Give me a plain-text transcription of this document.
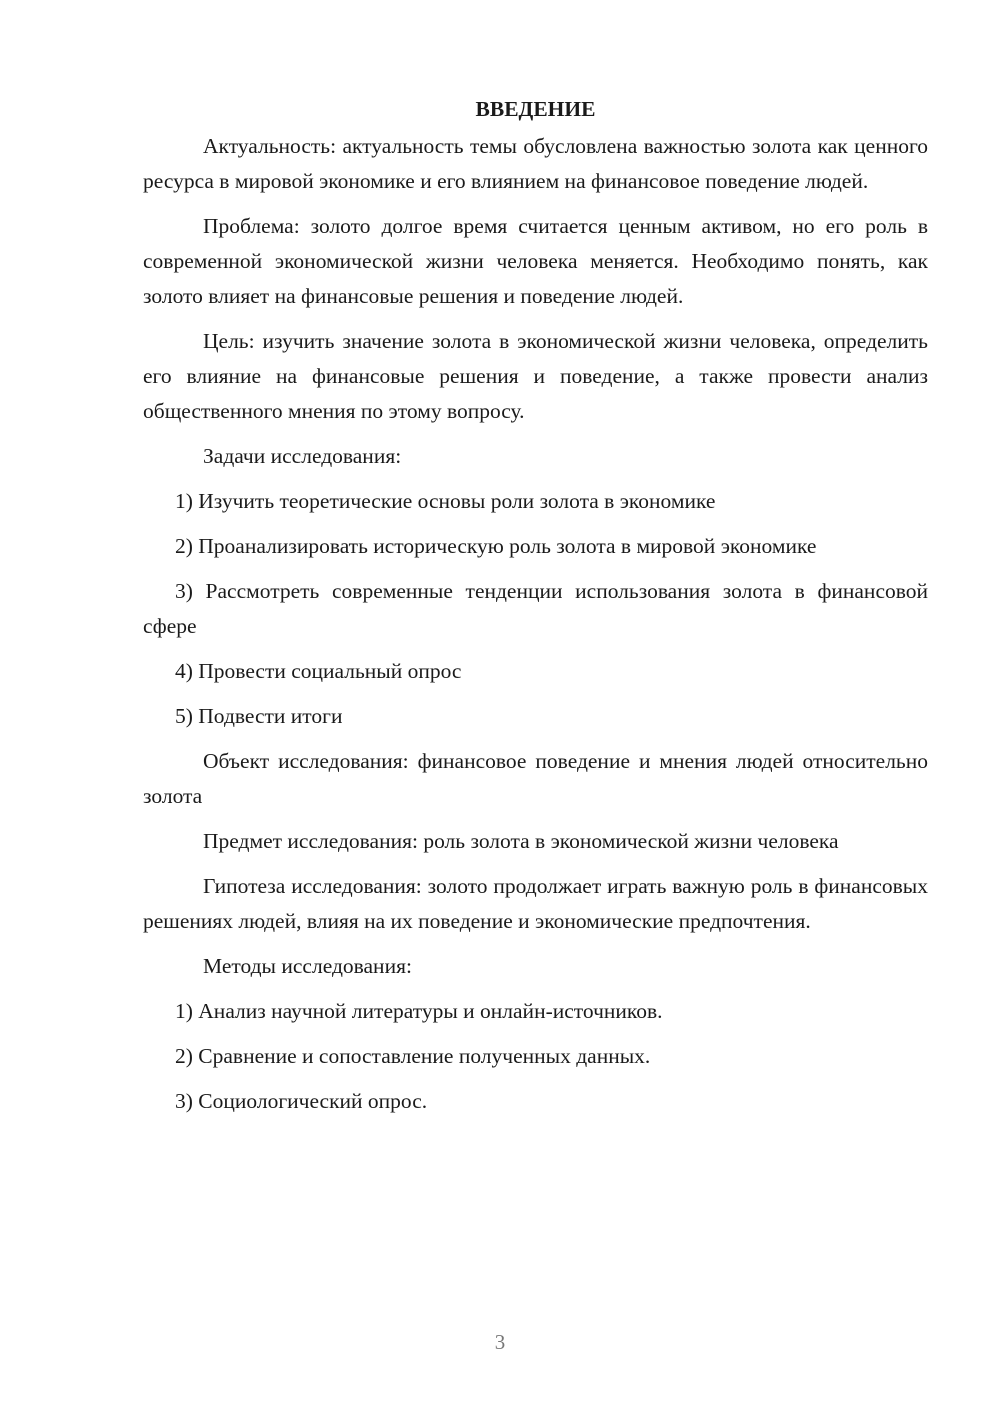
ВВЕДЕНИЕ

Актуальность: актуальность темы обусловлена важностью золота как ценного ресурса в мировой экономике и его влиянием на финансовое поведение людей.

Проблема: золото долгое время считается ценным активом, но его роль в современной экономической жизни человека меняется. Необходимо понять, как золото влияет на финансовые решения и поведение людей.

Цель: изучить значение золота в экономической жизни человека, определить его влияние на финансовые решения и поведение, а также провести анализ общественного мнения по этому вопросу.

Задачи исследования:

1) Изучить теоретические основы роли золота в экономике

2) Проанализировать историческую роль золота в мировой экономике

3) Рассмотреть современные тенденции использования золота в финансовой сфере

4) Провести социальный опрос

5) Подвести итоги

Объект исследования: финансовое поведение и мнения людей относительно золота

Предмет исследования: роль золота в экономической жизни человека

Гипотеза исследования: золото продолжает играть важную роль в финансовых решениях людей, влияя на их поведение и экономические предпочтения.

Методы исследования:

1) Анализ научной литературы и онлайн-источников.

2) Сравнение и сопоставление полученных данных.

3) Социологический опрос.

3
